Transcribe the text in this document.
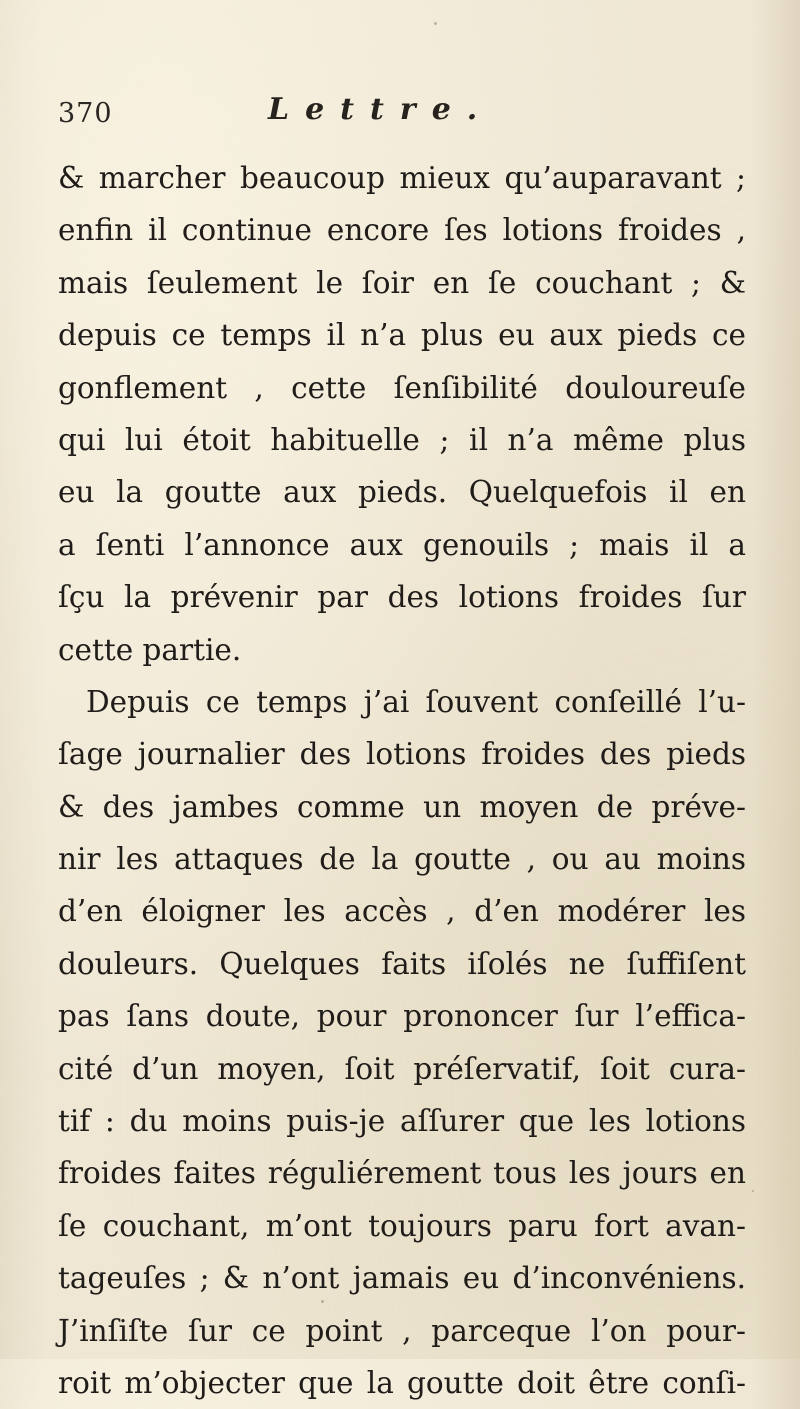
370	Lettre.
& marcher beaucoup mieux qu’auparavant ;
enfin il continue encore ſes lotions froides ,
mais ſeulement le ſoir en ſe couchant ; &
depuis ce temps il n’a plus eu aux pieds ce
gonflement , cette ſenſibilité douloureuſe
qui lui étoit habituelle ; il n’a même plus
eu la goutte aux pieds. Quelquefois il en
a ſenti l’annonce aux genouils ; mais il a
ſçu la prévenir par des lotions froides ſur
cette partie.
Depuis ce temps j’ai ſouvent conſeillé l’u-
ſage journalier des lotions froides des pieds
& des jambes comme un moyen de préve-
nir les attaques de la goutte , ou au moins
d’en éloigner les accès , d’en modérer les
douleurs. Quelques faits iſolés ne ſuffiſent
pas ſans doute, pour prononcer ſur l’effica-
cité d’un moyen, ſoit préſervatif, ſoit cura-
tif : du moins puis-je aſſurer que les lotions
froides faites réguliérement tous les jours en
ſe couchant, m’ont toujours paru fort avan-
tageuſes ; & n’ont jamais eu d’inconvéniens.
J’inſiſte ſur ce point , parceque l’on pour-
roit m’objecter que la goutte doit être conſi-
